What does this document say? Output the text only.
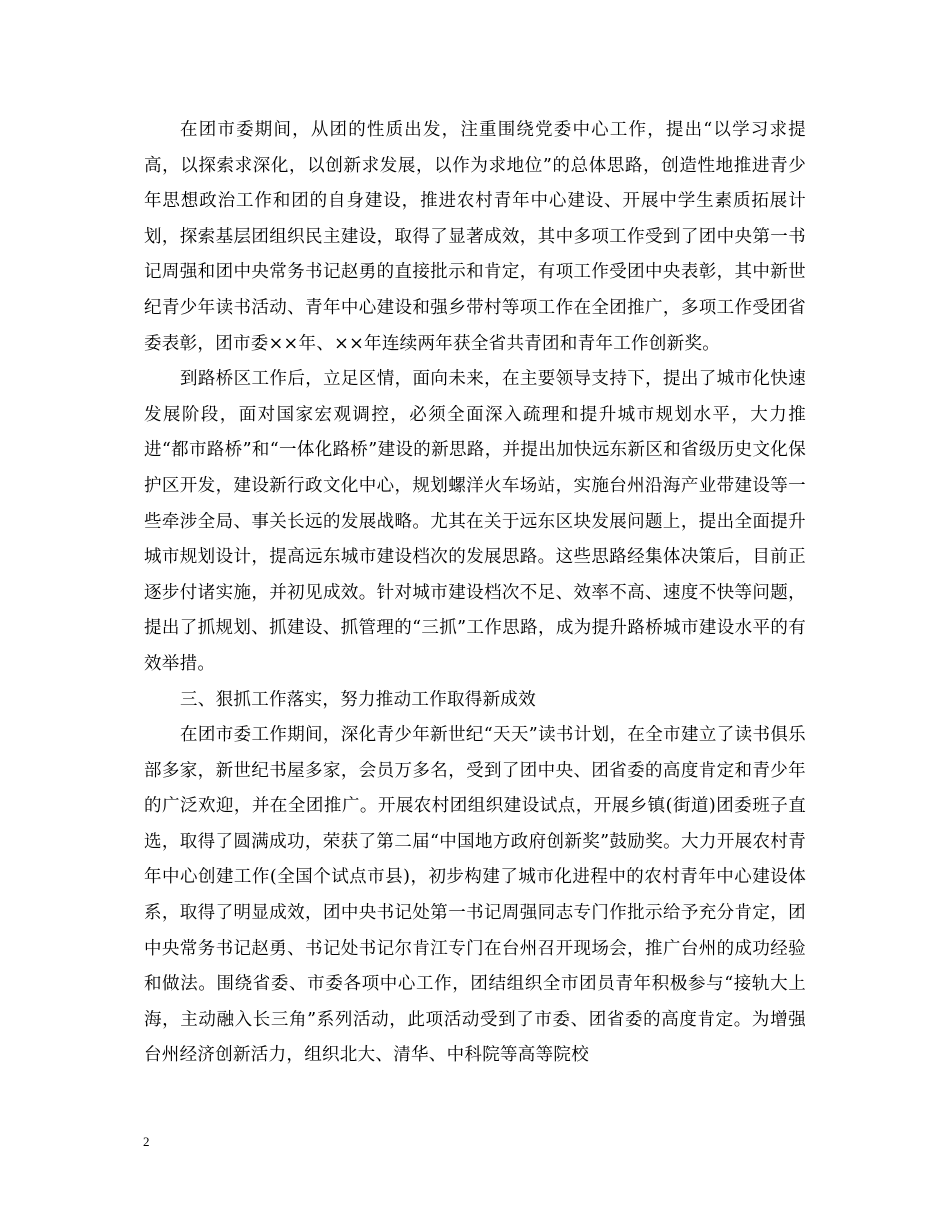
在团市委期间，从团的性质出发，注重围绕党委中心工作，提出“以学习求提高，以探索求深化，以创新求发展，以作为求地位”的总体思路，创造性地推进青少年思想政治工作和团的自身建设，推进农村青年中心建设、开展中学生素质拓展计划，探索基层团组织民主建设，取得了显著成效，其中多项工作受到了团中央第一书记周强和团中央常务书记赵勇的直接批示和肯定，有项工作受团中央表彰，其中新世纪青少年读书活动、青年中心建设和强乡带村等项工作在全团推广，多项工作受团省委表彰，团市委××年、××年连续两年获全省共青团和青年工作创新奖。

到路桥区工作后，立足区情，面向未来，在主要领导支持下，提出了城市化快速发展阶段，面对国家宏观调控，必须全面深入疏理和提升城市规划水平，大力推进“都市路桥”和“一体化路桥”建设的新思路，并提出加快远东新区和省级历史文化保护区开发，建设新行政文化中心，规划螺洋火车场站，实施台州沿海产业带建设等一些牵涉全局、事关长远的发展战略。尤其在关于远东区块发展问题上，提出全面提升城市规划设计，提高远东城市建设档次的发展思路。这些思路经集体决策后，目前正逐步付诸实施，并初见成效。针对城市建设档次不足、效率不高、速度不快等问题，提出了抓规划、抓建设、抓管理的“三抓”工作思路，成为提升路桥城市建设水平的有效举措。

三、狠抓工作落实，努力推动工作取得新成效

在团市委工作期间，深化青少年新世纪“天天”读书计划，在全市建立了读书俱乐部多家，新世纪书屋多家，会员万多名，受到了团中央、团省委的高度肯定和青少年的广泛欢迎，并在全团推广。开展农村团组织建设试点，开展乡镇(街道)团委班子直选，取得了圆满成功，荣获了第二届“中国地方政府创新奖”鼓励奖。大力开展农村青年中心创建工作(全国个试点市县)，初步构建了城市化进程中的农村青年中心建设体系，取得了明显成效，团中央书记处第一书记周强同志专门作批示给予充分肯定，团中央常务书记赵勇、书记处书记尔肯江专门在台州召开现场会，推广台州的成功经验和做法。围绕省委、市委各项中心工作，团结组织全市团员青年积极参与“接轨大上海，主动融入长三角”系列活动，此项活动受到了市委、团省委的高度肯定。为增强台州经济创新活力，组织北大、清华、中科院等高等院校

2
